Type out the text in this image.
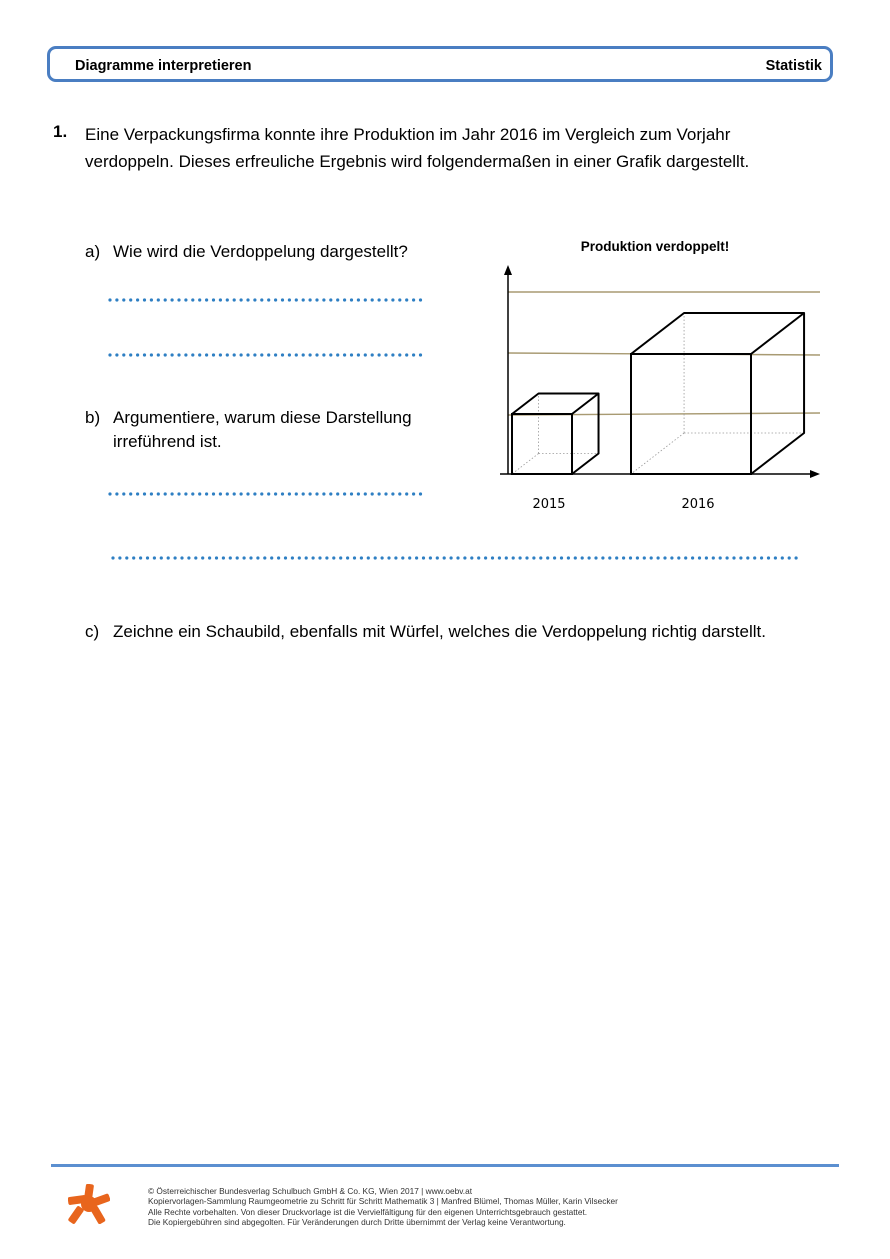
Diagramme interpretieren	Statistik
1. Eine Verpackungsfirma konnte ihre Produktion im Jahr 2016 im Vergleich zum Vorjahr
verdoppeln. Dieses erfreuliche Ergebnis wird folgendermaßen in einer Grafik dargestellt.
a) Wie wird die Verdoppelung dargestellt?
b) Argumentiere, warum diese Darstellung
irreführend ist.
c) Zeichne ein Schaubild, ebenfalls mit Würfel, welches die Verdoppelung richtig darstellt.
Produktion verdoppelt!
2015	2016
© Österreichischer Bundesverlag Schulbuch GmbH & Co. KG, Wien 2017 | www.oebv.at
Kopiervorlagen-Sammlung Raumgeometrie zu Schritt für Schritt Mathematik 3 | Manfred Blümel, Thomas Müller, Karin Vilsecker
Alle Rechte vorbehalten. Von dieser Druckvorlage ist die Vervielfältigung für den eigenen Unterrichtsgebrauch gestattet.
Die Kopiergebühren sind abgegolten. Für Veränderungen durch Dritte übernimmt der Verlag keine Verantwortung.
